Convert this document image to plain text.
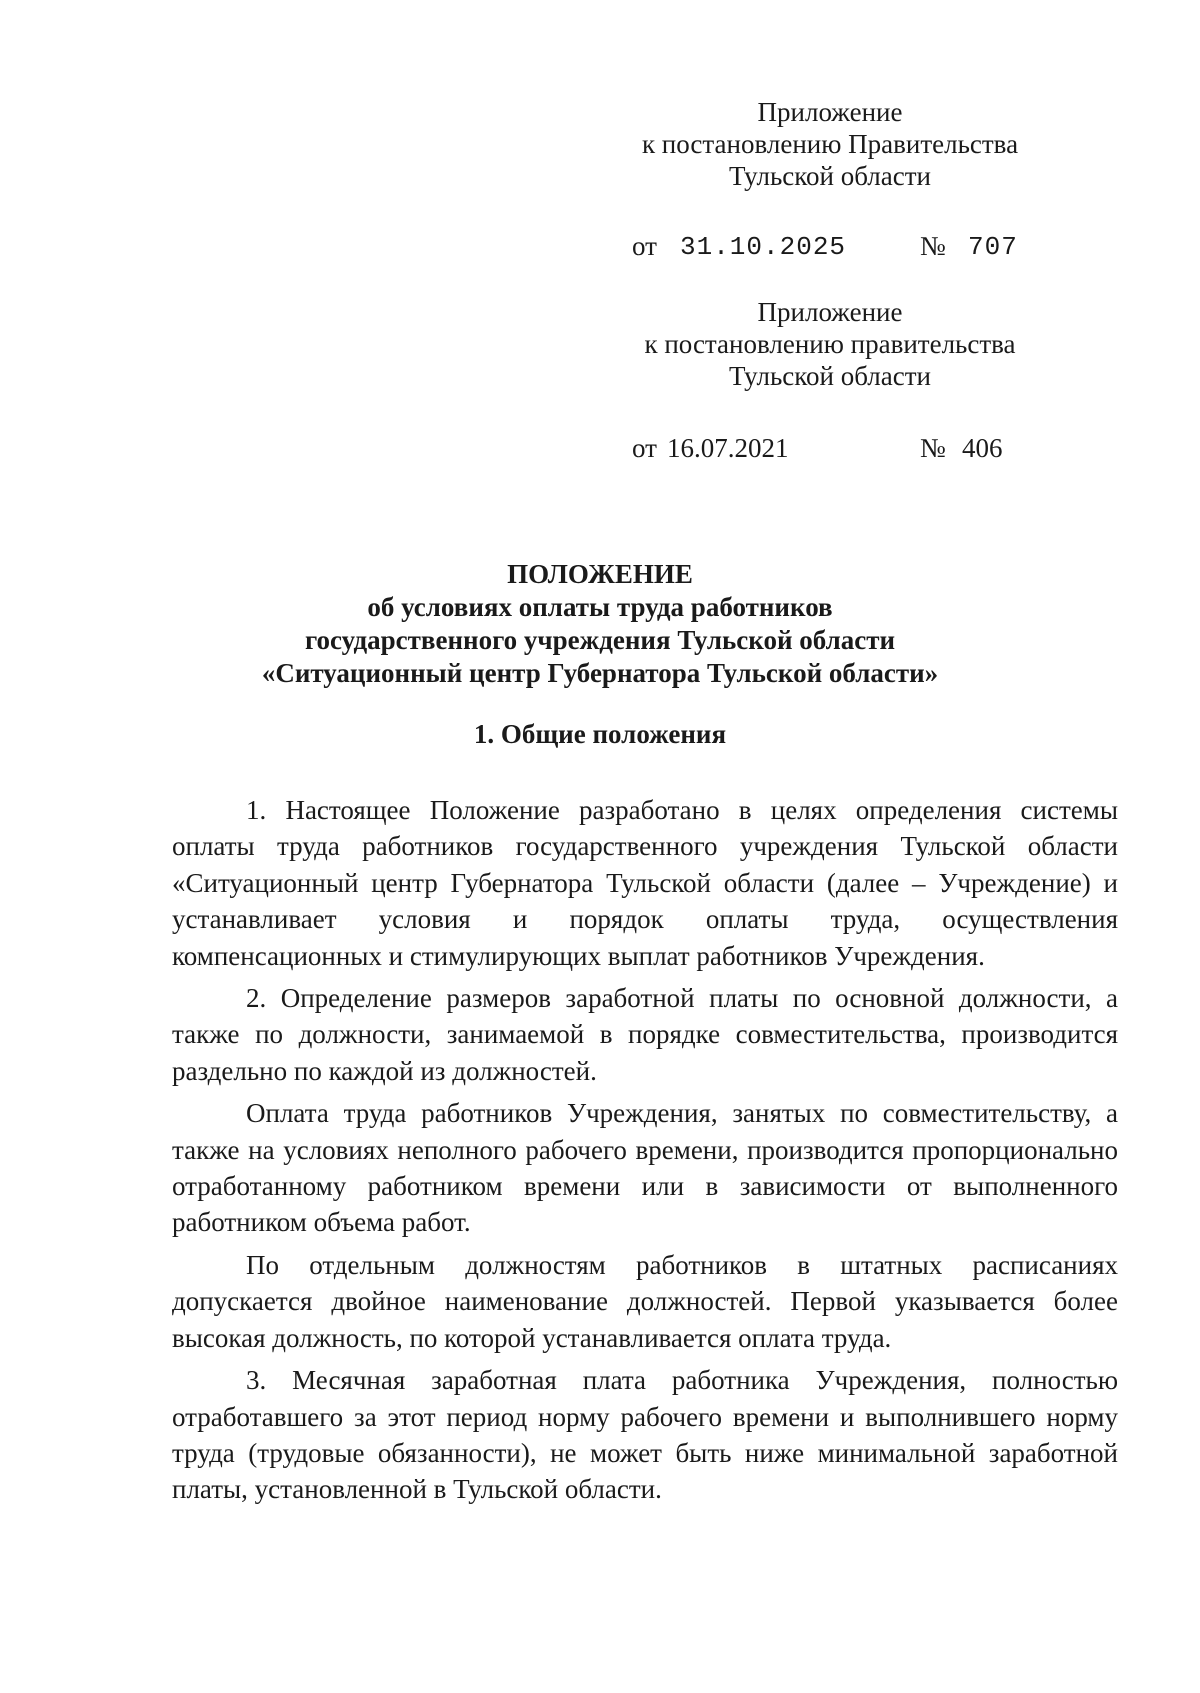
Приложение
к постановлению Правительства
Тульской области
от 31.10.2025	№ 707
Приложение
к постановлению правительства
Тульской области
от 16.07.2021	№ 406
ПОЛОЖЕНИЕ
об условиях оплаты труда работников
государственного учреждения Тульской области
«Ситуационный центр Губернатора Тульской области»
1. Общие положения

1. Настоящее Положение разработано в целях определения системы оплаты труда работников государственного учреждения Тульской области «Ситуационный центр Губернатора Тульской области (далее – Учреждение) и устанавливает условия и порядок оплаты труда, осуществления компенсационных и стимулирующих выплат работников Учреждения.

2. Определение размеров заработной платы по основной должности, а также по должности, занимаемой в порядке совместительства, производится раздельно по каждой из должностей.

Оплата труда работников Учреждения, занятых по совместительству, а также на условиях неполного рабочего времени, производится пропорционально отработанному работником времени или в зависимости от выполненного работником объема работ.

По отдельным должностям работников в штатных расписаниях допускается двойное наименование должностей. Первой указывается более высокая должность, по которой устанавливается оплата труда.

3. Месячная заработная плата работника Учреждения, полностью отработавшего за этот период норму рабочего времени и выполнившего норму труда (трудовые обязанности), не может быть ниже минимальной заработной платы, установленной в Тульской области.
